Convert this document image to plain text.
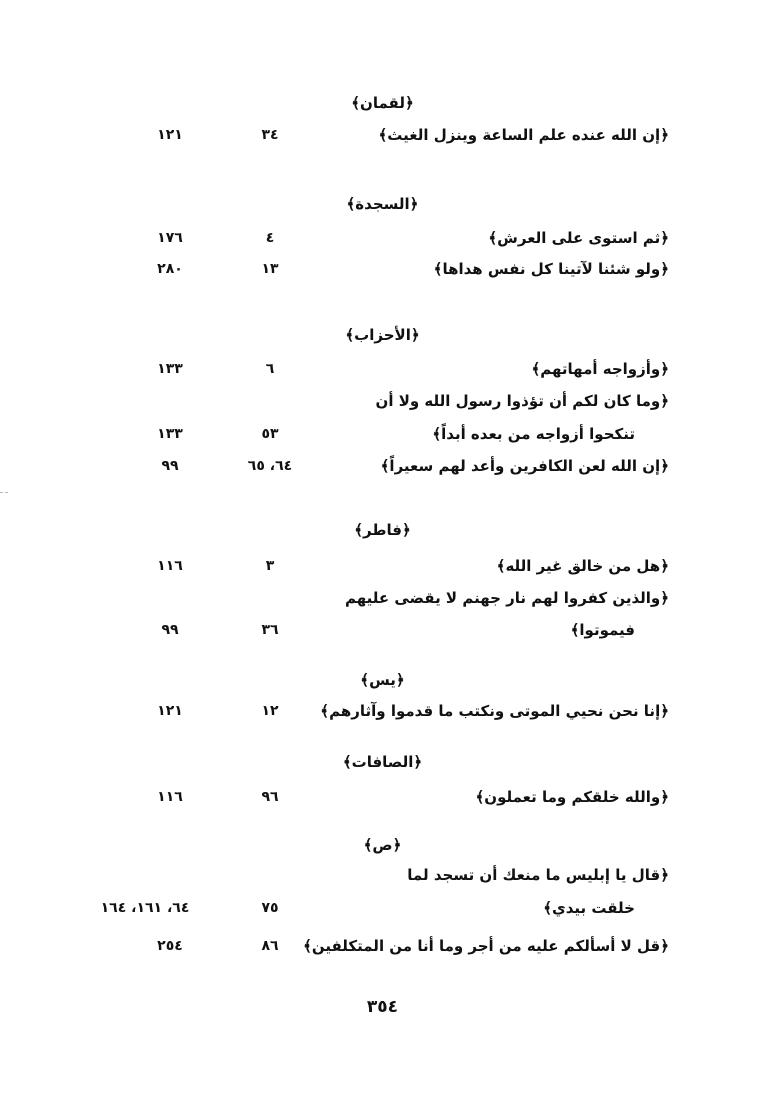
﴿لقمان﴾
﴿إن الله عنده علم الساعة وينزل الغيث﴾
٣٤
١٢١
﴿السجدة﴾
﴿ثم استوى على العرش﴾
٤
١٧٦
﴿ولو شئنا لآتينا كل نفس هداها﴾
١٣
٢٨٠
﴿الأحزاب﴾
﴿وأزواجه أمهاتهم﴾
٦
١٣٣
﴿وما كان لكم أن تؤذوا رسول الله ولا أن
تنكحوا أزواجه من بعده أبداً﴾
٥٣
١٣٣
﴿إن الله لعن الكافرين وأعد لهم سعيراً﴾
٦٤، ٦٥
٩٩
﴿فاطر﴾
﴿هل من خالق غير الله﴾
٣
١١٦
﴿والذين كفروا لهم نار جهنم لا يقضى عليهم
فيموتوا﴾
٣٦
٩٩
﴿يس﴾
﴿إنا نحن نحيي الموتى ونكتب ما قدموا وآثارهم﴾
١٢
١٢١
﴿الصافات﴾
﴿والله خلقكم وما تعملون﴾
٩٦
١١٦
﴿ص﴾
﴿قال يا إبليس ما منعك أن تسجد لما
خلقت بيدي﴾
٧٥
٦٤، ١٦١، ١٦٤
﴿قل لا أسألكم عليه من أجر وما أنا من المتكلفين﴾
٨٦
٢٥٤
٣٥٤
